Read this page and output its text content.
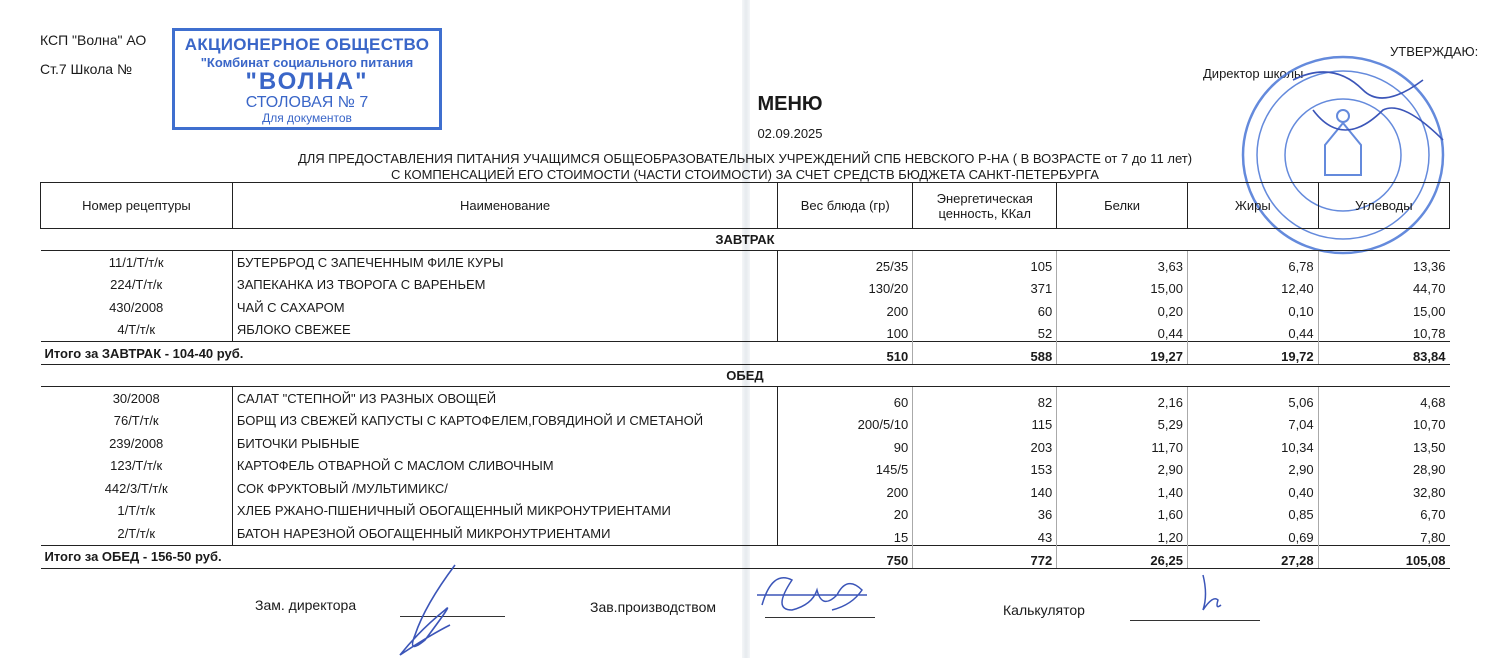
КСП "Волна" АО
Ст.7 Школа №
АКЦИОНЕРНОЕ ОБЩЕСТВО
"Комбинат социального питания
"ВОЛНА"
СТОЛОВАЯ № 7
Для документов
УТВЕРЖДАЮ:
Директор школы
МЕНЮ
02.09.2025
ДЛЯ ПРЕДОСТАВЛЕНИЯ ПИТАНИЯ УЧАЩИМСЯ ОБЩЕОБРАЗОВАТЕЛЬНЫХ УЧРЕЖДЕНИЙ СПБ НЕВСКОГО Р-НА ( В ВОЗРАСТЕ от 7 до 11 лет)
С КОМПЕНСАЦИЕЙ ЕГО СТОИМОСТИ (ЧАСТИ СТОИМОСТИ) ЗА СЧЕТ СРЕДСТВ БЮДЖЕТА САНКТ-ПЕТЕРБУРГА
Номер рецептуры	Наименование	Вес блюда (гр)	Энергетическая ценность, ККал	Белки	Жиры	Углеводы
ЗАВТРАК						
11/1/Т/т/к	БУТЕРБРОД С ЗАПЕЧЕННЫМ ФИЛЕ КУРЫ	25/35	105	3,63	6,78	13,36
224/Т/т/к	ЗАПЕКАНКА ИЗ ТВОРОГА С ВАРЕНЬЕМ	130/20	371	15,00	12,40	44,70
430/2008	ЧАЙ С САХАРОМ	200	60	0,20	0,10	15,00
4/Т/т/к	ЯБЛОКО СВЕЖЕЕ	100	52	0,44	0,44	10,78
Итого за ЗАВТРАК - 104-40 руб.		510	588	19,27	19,72	83,84
ОБЕД						
30/2008	САЛАТ "СТЕПНОЙ" ИЗ РАЗНЫХ ОВОЩЕЙ	60	82	2,16	5,06	4,68
76/Т/т/к	БОРЩ ИЗ СВЕЖЕЙ КАПУСТЫ С КАРТОФЕЛЕМ,ГОВЯДИНОЙ И СМЕТАНОЙ	200/5/10	115	5,29	7,04	10,70
239/2008	БИТОЧКИ РЫБНЫЕ	90	203	11,70	10,34	13,50
123/Т/т/к	КАРТОФЕЛЬ ОТВАРНОЙ С МАСЛОМ СЛИВОЧНЫМ	145/5	153	2,90	2,90	28,90
442/3/Т/т/к	СОК ФРУКТОВЫЙ /МУЛЬТИМИКС/	200	140	1,40	0,40	32,80
1/Т/т/к	ХЛЕБ РЖАНО-ПШЕНИЧНЫЙ ОБОГАЩЕННЫЙ МИКРОНУТРИЕНТАМИ	20	36	1,60	0,85	6,70
2/Т/т/к	БАТОН НАРЕЗНОЙ ОБОГАЩЕННЫЙ МИКРОНУТРИЕНТАМИ	15	43	1,20	0,69	7,80
Итого за ОБЕД - 156-50 руб.		750	772	26,25	27,28	105,08
Зам. директора	Зав.производством	Калькулятор
